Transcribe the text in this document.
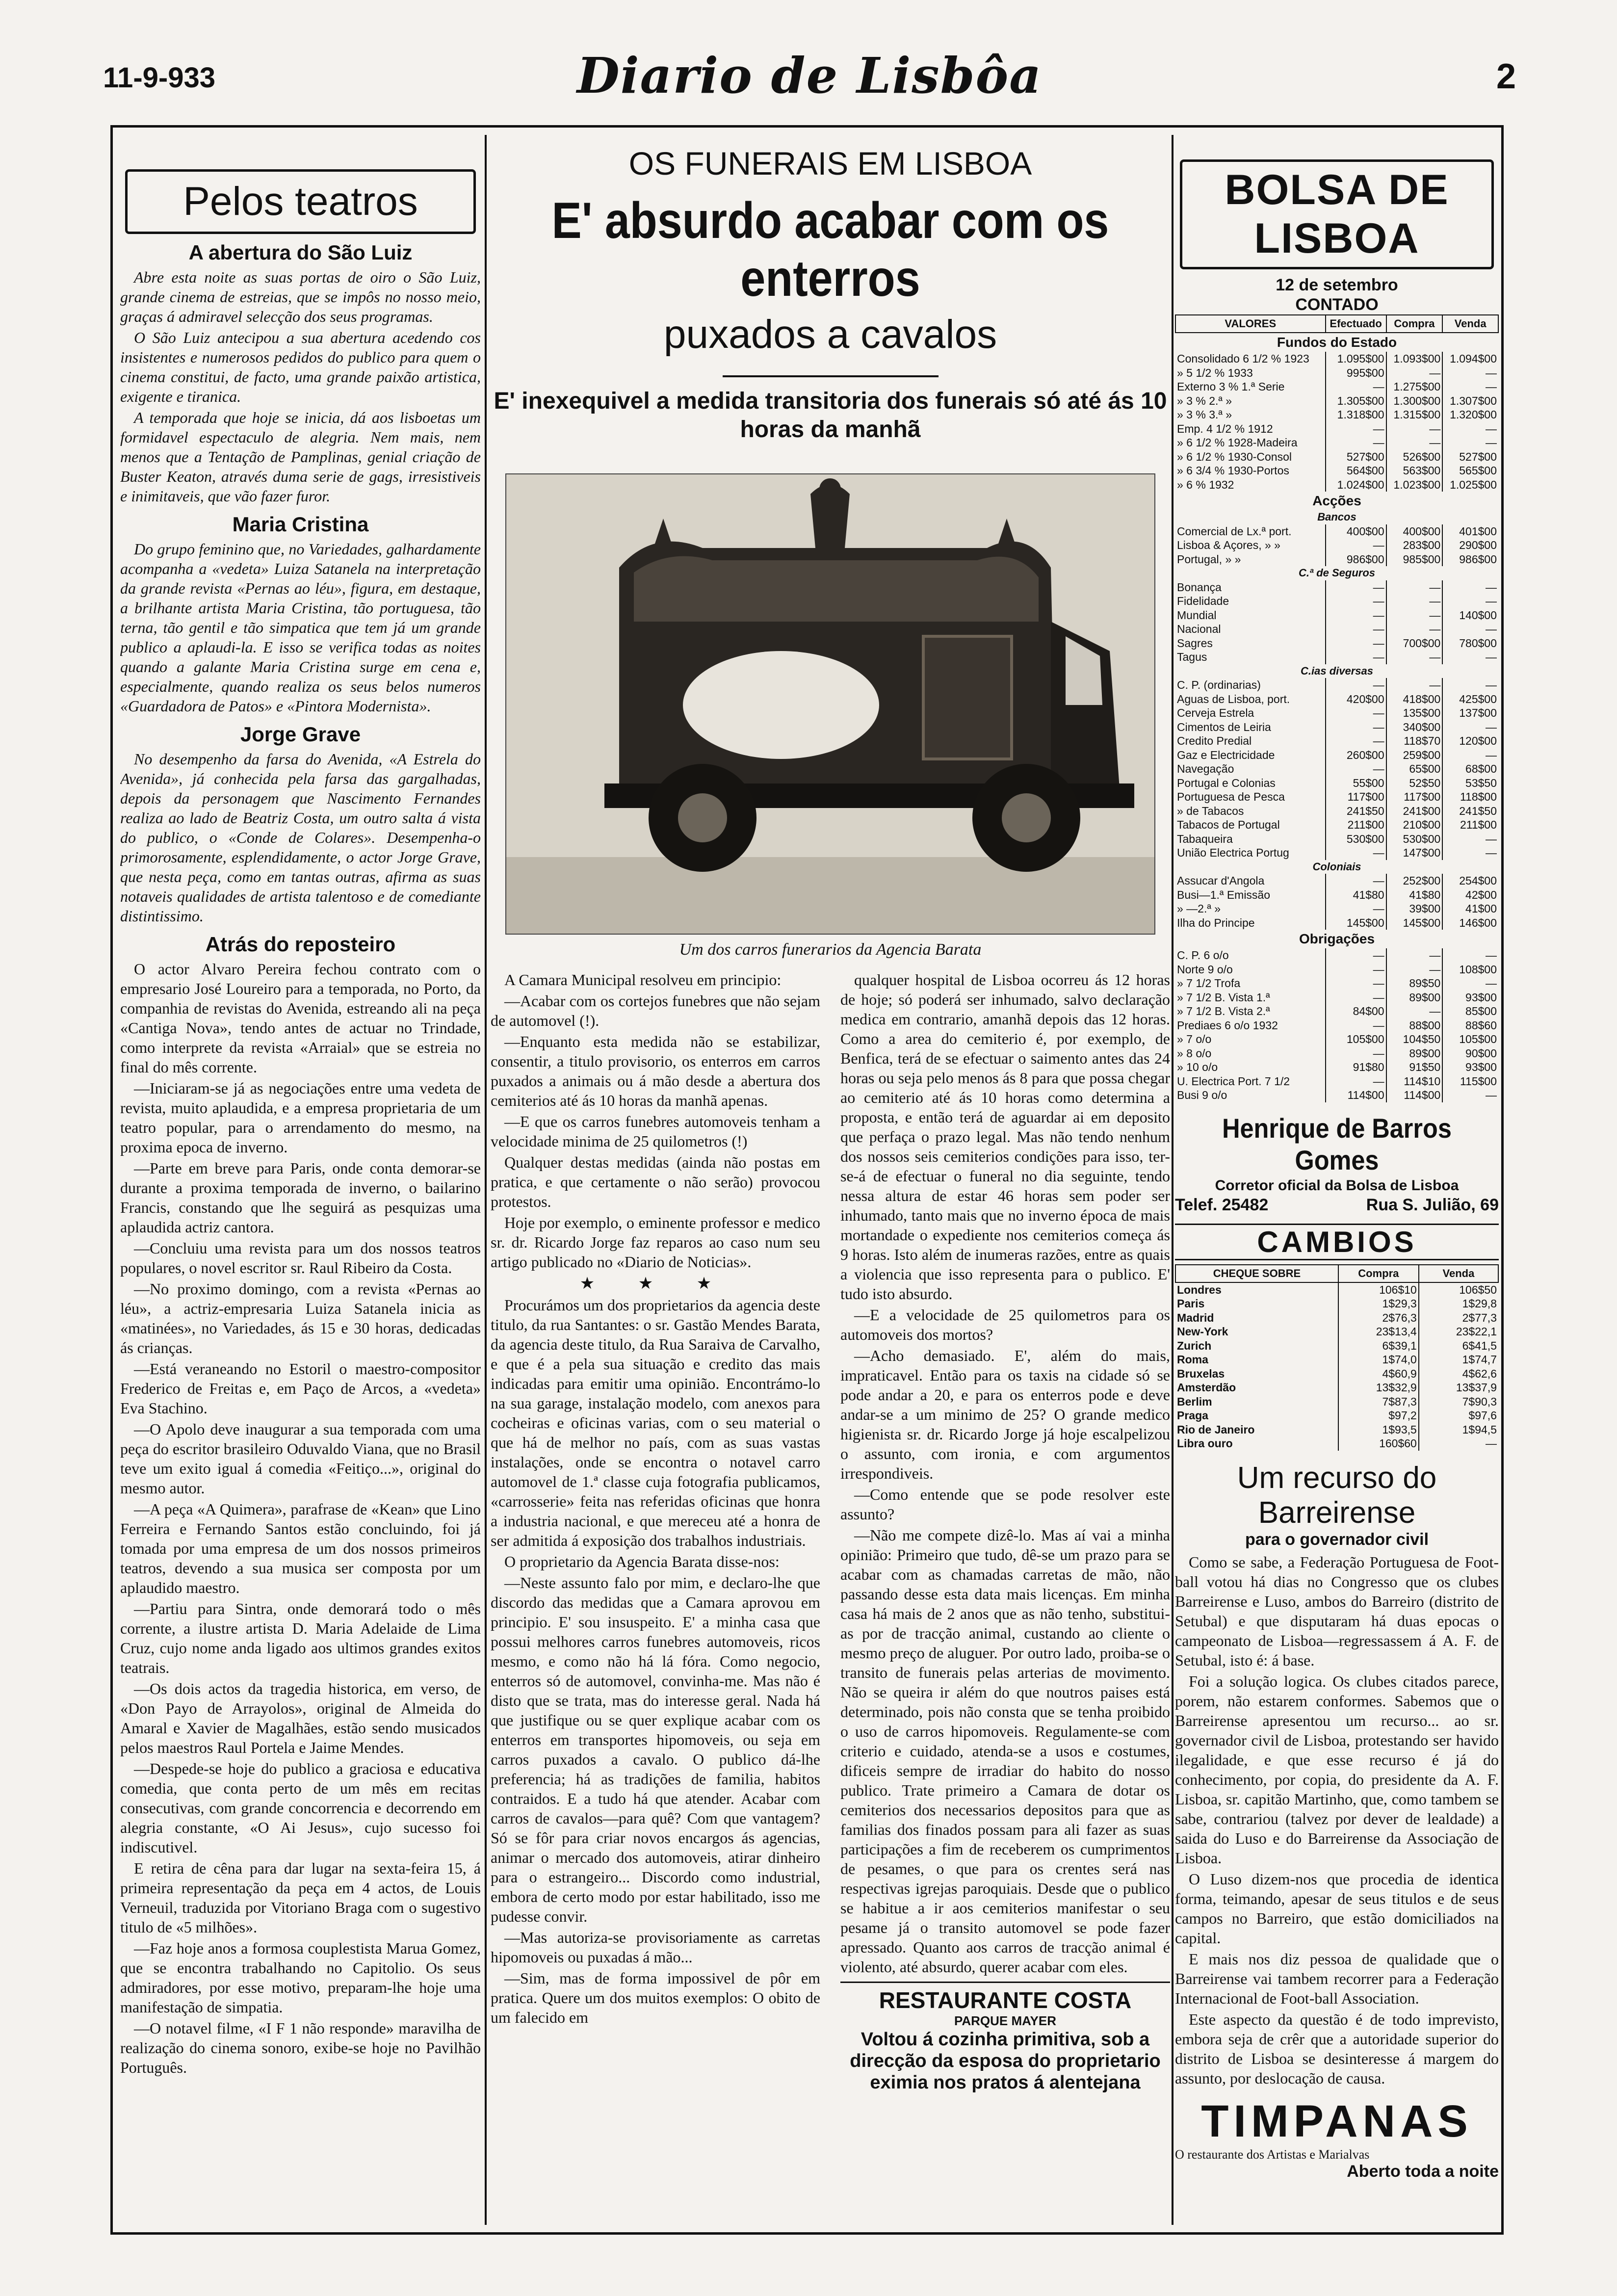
11-9-933	Diario de Lisbôa	2
Pelos teatros
A abertura do São Luiz

Abre esta noite as suas portas de oiro o São Luiz, grande cinema de estreias, que se impôs no nosso meio, graças á admiravel selecção dos seus programas.

O São Luiz antecipou a sua abertura acedendo cos insistentes e numerosos pedidos do publico para quem o cinema constitui, de facto, uma grande paixão artistica, exigente e tiranica.

A temporada que hoje se inicia, dá aos lisboetas um formidavel espectaculo de alegria. Nem mais, nem menos que a Tentação de Pamplinas, genial criação de Buster Keaton, através duma serie de gags, irresistiveis e inimitaveis, que vão fazer furor.

Maria Cristina

Do grupo feminino que, no Variedades, galhardamente acompanha a «vedeta» Luiza Satanela na interpretação da grande revista «Pernas ao léu», figura, em destaque, a brilhante artista Maria Cristina, tão portuguesa, tão terna, tão gentil e tão simpatica que tem já um grande publico a aplaudi-la. E isso se verifica todas as noites quando a galante Maria Cristina surge em cena e, especialmente, quando realiza os seus belos numeros «Guardadora de Patos» e «Pintora Modernista».

Jorge Grave

No desempenho da farsa do Avenida, «A Estrela do Avenida», já conhecida pela farsa das gargalhadas, depois da personagem que Nascimento Fernandes realiza ao lado de Beatriz Costa, um outro salta á vista do publico, o «Conde de Colares». Desempenha-o primorosamente, esplendidamente, o actor Jorge Grave, que nesta peça, como em tantas outras, afirma as suas notaveis qualidades de artista talentoso e de comediante distintissimo.

Atrás do reposteiro

O actor Alvaro Pereira fechou contrato com o empresario José Loureiro para a temporada, no Porto, da companhia de revistas do Avenida, estreando ali na peça «Cantiga Nova», tendo antes de actuar no Trindade, como interprete da revista «Arraial» que se estreia no final do mês corrente.

—Iniciaram-se já as negociações entre uma vedeta de revista, muito aplaudida, e a empresa proprietaria de um teatro popular, para o arrendamento do mesmo, na proxima epoca de inverno.

—Parte em breve para Paris, onde conta demorar-se durante a proxima temporada de inverno, o bailarino Francis, constando que lhe seguirá as pesquizas uma aplaudida actriz cantora.

—Concluiu uma revista para um dos nossos teatros populares, o novel escritor sr. Raul Ribeiro da Costa.

—No proximo domingo, com a revista «Pernas ao léu», a actriz-empresaria Luiza Satanela inicia as «matinées», no Variedades, ás 15 e 30 horas, dedicadas ás crianças.

—Está veraneando no Estoril o maestro-compositor Frederico de Freitas e, em Paço de Arcos, a «vedeta» Eva Stachino.

—O Apolo deve inaugurar a sua temporada com uma peça do escritor brasileiro Oduvaldo Viana, que no Brasil teve um exito igual á comedia «Feitiço...», original do mesmo autor.

—A peça «A Quimera», parafrase de «Kean» que Lino Ferreira e Fernando Santos estão concluindo, foi já tomada por uma empresa de um dos nossos primeiros teatros, devendo a sua musica ser composta por um aplaudido maestro.

—Partiu para Sintra, onde demorará todo o mês corrente, a ilustre artista D. Maria Adelaide de Lima Cruz, cujo nome anda ligado aos ultimos grandes exitos teatrais.

—Os dois actos da tragedia historica, em verso, de «Don Payo de Arrayolos», original de Almeida do Amaral e Xavier de Magalhães, estão sendo musicados pelos maestros Raul Portela e Jaime Mendes.

—Despede-se hoje do publico a graciosa e educativa comedia, que conta perto de um mês em recitas consecutivas, com grande concorrencia e decorrendo em alegria constante, «O Ai Jesus», cujo sucesso foi indiscutivel.

E retira de cêna para dar lugar na sexta-feira 15, á primeira representação da peça em 4 actos, de Louis Verneuil, traduzida por Vitoriano Braga com o sugestivo titulo de «5 milhões».

—Faz hoje anos a formosa couplestista Marua Gomez, que se encontra trabalhando no Capitolio. Os seus admiradores, por esse motivo, preparam-lhe hoje uma manifestação de simpatia.

—O notavel filme, «I F 1 não responde» maravilha de realização do cinema sonoro, exibe-se hoje no Pavilhão Português.

OS FUNERAIS EM LISBOA
E' absurdo acabar com os enterros
puxados a cavalos
E' inexequivel a medida transitoria dos funerais só até ás 10 horas da manhã
Um dos carros funerarios da Agencia Barata

A Camara Municipal resolveu em principio:

—Acabar com os cortejos funebres que não sejam de automovel (!).

—Enquanto esta medida não se estabilizar, consentir, a titulo provisorio, os enterros em carros puxados a animais ou á mão desde a abertura dos cemiterios até ás 10 horas da manhã apenas.

—E que os carros funebres automoveis tenham a velocidade minima de 25 quilometros (!)

Qualquer destas medidas (ainda não postas em pratica, e que certamente o não serão) provocou protestos.

Hoje por exemplo, o eminente professor e medico sr. dr. Ricardo Jorge faz reparos ao caso num seu artigo publicado no «Diario de Noticias».

★ ★ ★

Procurámos um dos proprietarios da agencia deste titulo, da rua Santantes: o sr. Gastão Mendes Barata, da agencia deste titulo, da Rua Saraiva de Carvalho, e que é a pela sua situação e credito das mais indicadas para emitir uma opinião. Encontrámo-lo na sua garage, instalação modelo, com anexos para cocheiras e oficinas varias, com o seu material o que há de melhor no país, com as suas vastas instalações, onde se encontra o notavel carro automovel de 1.ª classe cuja fotografia publicamos, «carrosserie» feita nas referidas oficinas que honra a industria nacional, e que mereceu até a honra de ser admitida á exposição dos trabalhos industriais.

O proprietario da Agencia Barata disse-nos:

—Neste assunto falo por mim, e declaro-lhe que discordo das medidas que a Camara aprovou em principio. E' sou insuspeito. E' a minha casa que possui melhores carros funebres automoveis, ricos mesmo, e como não há lá fóra. Como negocio, enterros só de automovel, convinha-me. Mas não é disto que se trata, mas do interesse geral. Nada há que justifique ou se quer explique acabar com os enterros em transportes hipomoveis, ou seja em carros puxados a cavalo. O publico dá-lhe preferencia; há as tradições de familia, habitos contraidos. E a tudo há que atender. Acabar com carros de cavalos—para quê? Com que vantagem? Só se fôr para criar novos encargos ás agencias, animar o mercado dos automoveis, atirar dinheiro para o estrangeiro... Discordo como industrial, embora de certo modo por estar habilitado, isso me pudesse convir.

—Mas autoriza-se provisoriamente as carretas hipomoveis ou puxadas á mão...

—Sim, mas de forma impossivel de pôr em pratica. Quere um dos muitos exemplos: O obito de um falecido em

qualquer hospital de Lisboa ocorreu ás 12 horas de hoje; só poderá ser inhumado, salvo declaração medica em contrario, amanhã depois das 12 horas. Como a area do cemiterio é, por exemplo, de Benfica, terá de se efectuar o saimento antes das 24 horas ou seja pelo menos ás 8 para que possa chegar ao cemiterio até ás 10 horas como determina a proposta, e então terá de aguardar ai em deposito que perfaça o prazo legal. Mas não tendo nenhum dos nossos seis cemiterios condições para isso, ter-se-á de efectuar o funeral no dia seguinte, tendo nessa altura de estar 46 horas sem poder ser inhumado, tanto mais que no inverno época de mais mortandade o expediente nos cemiterios começa ás 9 horas. Isto além de inumeras razões, entre as quais a violencia que isso representa para o publico. E' tudo isto absurdo.

—E a velocidade de 25 quilometros para os automoveis dos mortos?

—Acho demasiado. E', além do mais, impraticavel. Então para os taxis na cidade só se pode andar a 20, e para os enterros pode e deve andar-se a um minimo de 25? O grande medico higienista sr. dr. Ricardo Jorge já hoje escalpelizou o assunto, com ironia, e com argumentos irrespondiveis.

—Como entende que se pode resolver este assunto?

—Não me compete dizê-lo. Mas aí vai a minha opinião: Primeiro que tudo, dê-se um prazo para se acabar com as chamadas carretas de mão, não passando desse esta data mais licenças. Em minha casa há mais de 2 anos que as não tenho, substitui-as por de tracção animal, custando ao cliente o mesmo preço de aluguer. Por outro lado, proiba-se o transito de funerais pelas arterias de movimento. Não se queira ir além do que noutros paises está determinado, pois não consta que se tenha proibido o uso de carros hipomoveis. Regulamente-se com criterio e cuidado, atenda-se a usos e costumes, dificeis sempre de irradiar do habito do nosso publico. Trate primeiro a Camara de dotar os cemiterios dos necessarios depositos para que as familias dos finados possam para ali fazer as suas participações a fim de receberem os cumprimentos de pesames, o que para os crentes será nas respectivas igrejas paroquiais. Desde que o publico se habitue a ir aos cemiterios manifestar o seu pesame já o transito automovel se pode fazer apressado. Quanto aos carros de tracção animal é violento, até absurdo, querer acabar com eles.

RESTAURANTE COSTA
PARQUE MAYER
Voltou á cozinha primitiva, sob a direcção da esposa do proprietario eximia nos pratos á alentejana
BOLSA DE LISBOA
12 de setembro
CONTADO
VALORES	Efectuado	Compra	Venda
Fundos do Estado			
Consolidado 6 1/2 % 1923	1.095$00	1.093$00	1.094$00
» 5 1/2 % 1933	995$00	—	—
Externo 3 % 1.ª Serie	—	1.275$00	—
» 3 % 2.ª »	1.305$00	1.300$00	1.307$00
» 3 % 3.ª »	1.318$00	1.315$00	1.320$00
Emp. 4 1/2 % 1912	—	—	—
» 6 1/2 % 1928-Madeira	—	—	—
» 6 1/2 % 1930-Consol	527$00	526$00	527$00
» 6 3/4 % 1930-Portos	564$00	563$00	565$00
» 6 % 1932	1.024$00	1.023$00	1.025$00
Acções			
Bancos			
Comercial de Lx.ª port.	400$00	400$00	401$00
Lisboa & Açores, » »	—	283$00	290$00
Portugal, » »	986$00	985$00	986$00
C.ª de Seguros			
Bonança	—	—	—
Fidelidade	—	—	—
Mundial	—	—	140$00
Nacional	—	—	—
Sagres	—	700$00	780$00
Tagus	—	—	—
C.ias diversas			
C. P. (ordinarias)	—	—	—
Aguas de Lisboa, port.	420$00	418$00	425$00
Cerveja Estrela	—	135$00	137$00
Cimentos de Leiria	—	340$00	—
Credito Predial	—	118$70	120$00
Gaz e Electricidade	260$00	259$00	—
Navegação	—	65$00	68$00
Portugal e Colonias	55$00	52$50	53$50
Portuguesa de Pesca	117$00	117$00	118$00
» de Tabacos	241$50	241$00	241$50
Tabacos de Portugal	211$00	210$00	211$00
Tabaqueira	530$00	530$00	—
União Electrica Portug	—	147$00	—
Coloniais			
Assucar d'Angola	—	252$00	254$00
Busi—1.ª Emissão	41$80	41$80	42$00
» —2.ª »	—	39$00	41$00
Ilha do Principe	145$00	145$00	146$00
Obrigações			
C. P. 6 o/o	—	—	—
Norte 9 o/o	—	—	108$00
» 7 1/2 Trofa	—	89$50	—
» 7 1/2 B. Vista 1.ª	—	89$00	93$00
» 7 1/2 B. Vista 2.ª	84$00	—	85$00
Prediaes 6 o/o 1932	—	88$00	88$60
» 7 o/o	105$00	104$50	105$00
» 8 o/o	—	89$00	90$00
» 10 o/o	91$80	91$50	93$00
U. Electrica Port. 7 1/2	—	114$10	115$00
Busi 9 o/o	114$00	114$00	—
Henrique de Barros Gomes
Corretor oficial da Bolsa de Lisboa
Telef. 25482	Rua S. Julião, 69
CAMBIOS
CHEQUE SOBRE	Compra	Venda
Londres	106$10	106$50
Paris	1$29,3	1$29,8
Madrid	2$76,3	2$77,3
New-York	23$13,4	23$22,1
Zurich	6$39,1	6$41,5
Roma	1$74,0	1$74,7
Bruxelas	4$60,9	4$62,6
Amsterdão	13$32,9	13$37,9
Berlim	7$87,3	7$90,3
Praga	$97,2	$97,6
Rio de Janeiro	1$93,5	1$94,5
Libra ouro	160$60	—
Um recurso do Barreirense
para o governador civil

Como se sabe, a Federação Portuguesa de Foot-ball votou há dias no Congresso que os clubes Barreirense e Luso, ambos do Barreiro (distrito de Setubal) e que disputaram há duas epocas o campeonato de Lisboa—regressassem á A. F. de Setubal, isto é: á base.

Foi a solução logica. Os clubes citados parece, porem, não estarem conformes. Sabemos que o Barreirense apresentou um recurso... ao sr. governador civil de Lisboa, protestando ser havido ilegalidade, e que esse recurso é já do conhecimento, por copia, do presidente da A. F. Lisboa, sr. capitão Martinho, que, como tambem se sabe, contrariou (talvez por dever de lealdade) a saida do Luso e do Barreirense da Associação de Lisboa.

O Luso dizem-nos que procedia de identica forma, teimando, apesar de seus titulos e de seus campos no Barreiro, que estão domiciliados na capital.

E mais nos diz pessoa de qualidade que o Barreirense vai tambem recorrer para a Federação Internacional de Foot-ball Association.

Este aspecto da questão é de todo imprevisto, embora seja de crêr que a autoridade superior do distrito de Lisboa se desinteresse á margem do assunto, por deslocação de causa.

TIMPANAS
O restaurante dos Artistas e Marialvas
Aberto toda a noite
